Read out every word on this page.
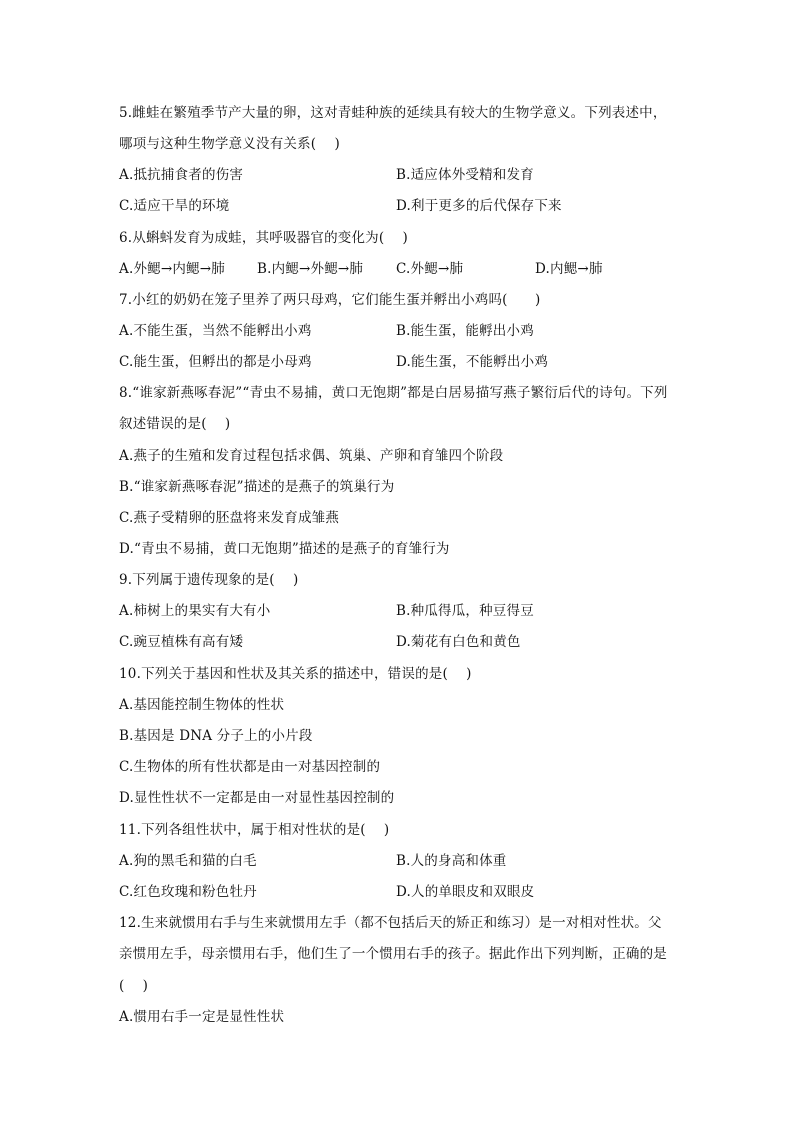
5.雌蛙在繁殖季节产大量的卵，这对青蛙种族的延续具有较大的生物学意义。下列表述中，
哪项与这种生物学意义没有关系(　 )
A.抵抗捕食者的伤害	B.适应体外受精和发育
C.适应干旱的环境	D.利于更多的后代保存下来
6.从蝌蚪发育为成蛙，其呼吸器官的变化为(　 )
A.外鳃→内鳃→肺 B.内鳃→外鳃→肺 C.外鳃→肺	D.内鳃→肺
7.小红的奶奶在笼子里养了两只母鸡，它们能生蛋并孵出小鸡吗(　　)
A.不能生蛋，当然不能孵出小鸡	B.能生蛋，能孵出小鸡
C.能生蛋，但孵出的都是小母鸡	D.能生蛋，不能孵出小鸡
8.“谁家新燕啄春泥”“青虫不易捕，黄口无饱期”都是白居易描写燕子繁衍后代的诗句。下列
叙述错误的是(　 )
A.燕子的生殖和发育过程包括求偶、筑巢、产卵和育雏四个阶段
B.“谁家新燕啄春泥”描述的是燕子的筑巢行为
C.燕子受精卵的胚盘将来发育成雏燕
D.“青虫不易捕，黄口无饱期”描述的是燕子的育雏行为
9.下列属于遗传现象的是(　 )
A.柿树上的果实有大有小	B.种瓜得瓜，种豆得豆
C.豌豆植株有高有矮	D.菊花有白色和黄色
10.下列关于基因和性状及其关系的描述中，错误的是(　 )
A.基因能控制生物体的性状
B.基因是 DNA 分子上的小片段
C.生物体的所有性状都是由一对基因控制的
D.显性性状不一定都是由一对显性基因控制的
11.下列各组性状中，属于相对性状的是(　 )
A.狗的黑毛和猫的白毛	B.人的身高和体重
C.红色玫瑰和粉色牡丹	D.人的单眼皮和双眼皮
12.生来就惯用右手与生来就惯用左手（都不包括后天的矫正和练习）是一对相对性状。父
亲惯用左手，母亲惯用右手，他们生了一个惯用右手的孩子。据此作出下列判断，正确的是
(　 )
A.惯用右手一定是显性性状
